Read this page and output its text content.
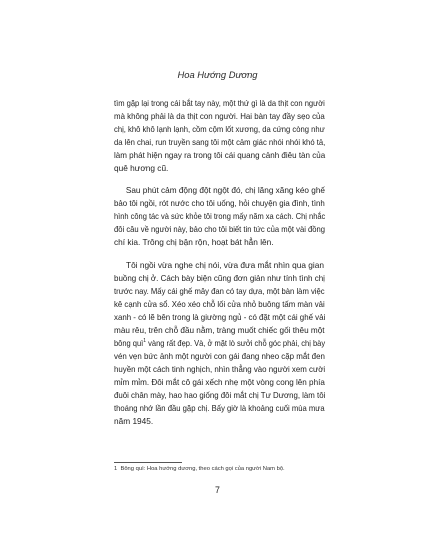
Hoa Hướng Dương
tìm gặp lại trong cái bắt tay này, một thứ gì là da thịt con người
mà không phải là da thịt con người. Hai bàn tay đầy sẹo của
chị, khô khô lạnh lạnh, cồm cộm lốt xương, da cứng còng như
da lên chai, run truyền sang tôi một cảm giác nhói nhói khó tả,
làm phát hiện ngay ra trong tôi cái quang cảnh điêu tàn của
quê hương cũ.
Sau phút cảm động đột ngột đó, chị lăng xăng kéo ghế
bảo tôi ngồi, rót nước cho tôi uống, hỏi chuyện gia đình, tình
hình công tác và sức khỏe tôi trong mấy năm xa cách. Chị nhắc
đôi câu về người này, bảo cho tôi biết tin tức của một vài đồng
chí kia. Trông chị bận rộn, hoạt bát hẳn lên.
Tôi ngồi vừa nghe chị nói, vừa đưa mắt nhìn qua gian
buồng chị ở. Cách bày biện cũng đơn giản như tính tình chị
trước nay. Mấy cái ghế mây đan có tay dựa, một bàn làm việc
kê cạnh cửa sổ. Xéo xéo chỗ lối cửa nhỏ buông tấm màn vải
xanh - có lẽ bên trong là giường ngủ - có đặt một cái ghế vải
màu rêu, trên chỗ đầu nằm, tràng muốt chiếc gối thêu một
bông quì$^1$ vàng rất đẹp. Và, ở mặt lò sưởi chỗ góc phải, chị bày
vén vẹn bức ảnh một người con gái đang nheo cặp mắt đen
huyền một cách tinh nghịch, nhìn thẳng vào người xem cười
mỉm mỉm. Đôi mắt cô gái xếch nhẹ một vòng cong lên phía
đuôi chân mày, hao hao giống đôi mắt chị Tư Dương, làm tôi
thoáng nhớ lần đầu gặp chị. Bấy giờ là khoảng cuối mùa mưa
năm 1945.
1 Bông quì: Hoa hướng dương, theo cách gọi của người Nam bộ.
7
